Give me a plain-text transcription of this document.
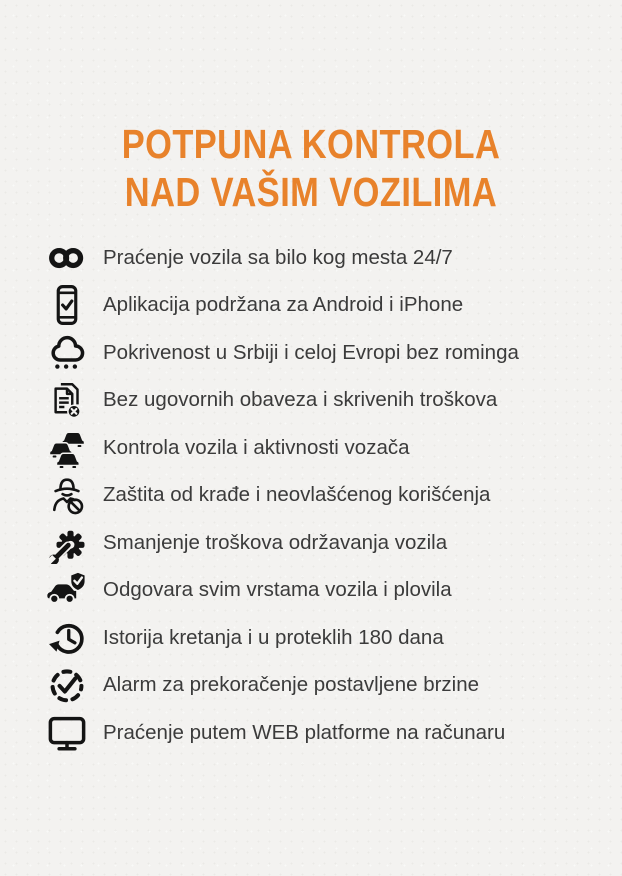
POTPUNA KONTROLA
NAD VAŠIM VOZILIMA
Praćenje vozila sa bilo kog mesta 24/7
Aplikacija podržana za Android i iPhone
Pokrivenost u Srbiji i celoj Evropi bez rominga
Bez ugovornih obaveza i skrivenih troškova
Kontrola vozila i aktivnosti vozača
Zaštita od krađe i neovlašćenog korišćenja
Smanjenje troškova održavanja vozila
Odgovara svim vrstama vozila i plovila
Istorija kretanja i u proteklih 180 dana
Alarm za prekoračenje postavljene brzine
Praćenje putem WEB platforme na računaru
